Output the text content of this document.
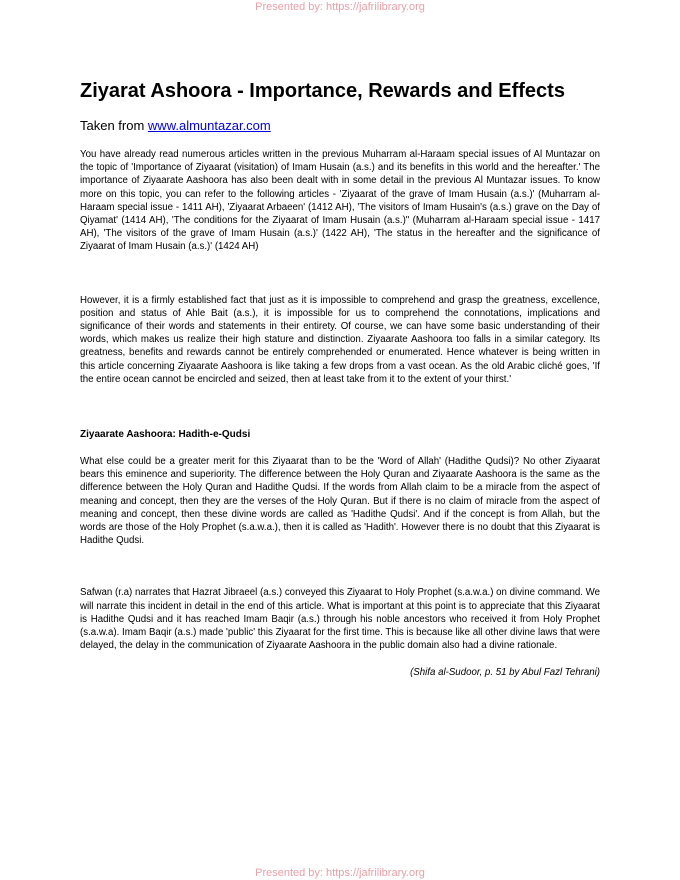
Presented by: https://jafrilibrary.org
Ziyarat Ashoora - Importance, Rewards and Effects
Taken from www.almuntazar.com

You have already read numerous articles written in the previous Muharram al-Haraam special issues of Al Muntazar on the topic of 'Importance of Ziyaarat (visitation) of Imam Husain (a.s.) and its benefits in this world and the hereafter.' The importance of Ziyaarate Aashoora has also been dealt with in some detail in the previous Al Muntazar issues. To know more on this topic, you can refer to the following articles - 'Ziyaarat of the grave of Imam Husain (a.s.)' (Muharram al-Haraam special issue - 1411 AH), 'Ziyaarat Arbaeen' (1412 AH), 'The visitors of Imam Husain's (a.s.) grave on the Day of Qiyamat' (1414 AH), 'The conditions for the Ziyaarat of Imam Husain (a.s.)" (Muharram al-Haraam special issue - 1417 AH), 'The visitors of the grave of Imam Husain (a.s.)' (1422 AH), 'The status in the hereafter and the significance of Ziyaarat of Imam Husain (a.s.)' (1424 AH)

However, it is a firmly established fact that just as it is impossible to comprehend and grasp the greatness, excellence, position and status of Ahle Bait (a.s.), it is impossible for us to comprehend the connotations, implications and significance of their words and statements in their entirety. Of course, we can have some basic understanding of their words, which makes us realize their high stature and distinction. Ziyaarate Aashoora too falls in a similar category. Its greatness, benefits and rewards cannot be entirely comprehended or enumerated. Hence whatever is being written in this article concerning Ziyaarate Aashoora is like taking a few drops from a vast ocean. As the old Arabic cliché goes, 'If the entire ocean cannot be encircled and seized, then at least take from it to the extent of your thirst.'

Ziyaarate Aashoora: Hadith-e-Qudsi

What else could be a greater merit for this Ziyaarat than to be the 'Word of Allah' (Hadithe Qudsi)? No other Ziyaarat bears this eminence and superiority. The difference between the Holy Quran and Ziyaarate Aashoora is the same as the difference between the Holy Quran and Hadithe Qudsi. If the words from Allah claim to be a miracle from the aspect of meaning and concept, then they are the verses of the Holy Quran. But if there is no claim of miracle from the aspect of meaning and concept, then these divine words are called as 'Hadithe Qudsi'. And if the concept is from Allah, but the words are those of the Holy Prophet (s.a.w.a.), then it is called as 'Hadith'. However there is no doubt that this Ziyaarat is Hadithe Qudsi.

Safwan (r.a) narrates that Hazrat Jibraeel (a.s.) conveyed this Ziyaarat to Holy Prophet (s.a.w.a.) on divine command. We will narrate this incident in detail in the end of this article. What is important at this point is to appreciate that this Ziyaarat is Hadithe Qudsi and it has reached Imam Baqir (a.s.) through his noble ancestors who received it from Holy Prophet (s.a.w.a). Imam Baqir (a.s.) made 'public' this Ziyaarat for the first time. This is because like all other divine laws that were delayed, the delay in the communication of Ziyaarate Aashoora in the public domain also had a divine rationale.

(Shifa al-Sudoor, p. 51 by Abul Fazl Tehrani)
Presented by: https://jafrilibrary.org
